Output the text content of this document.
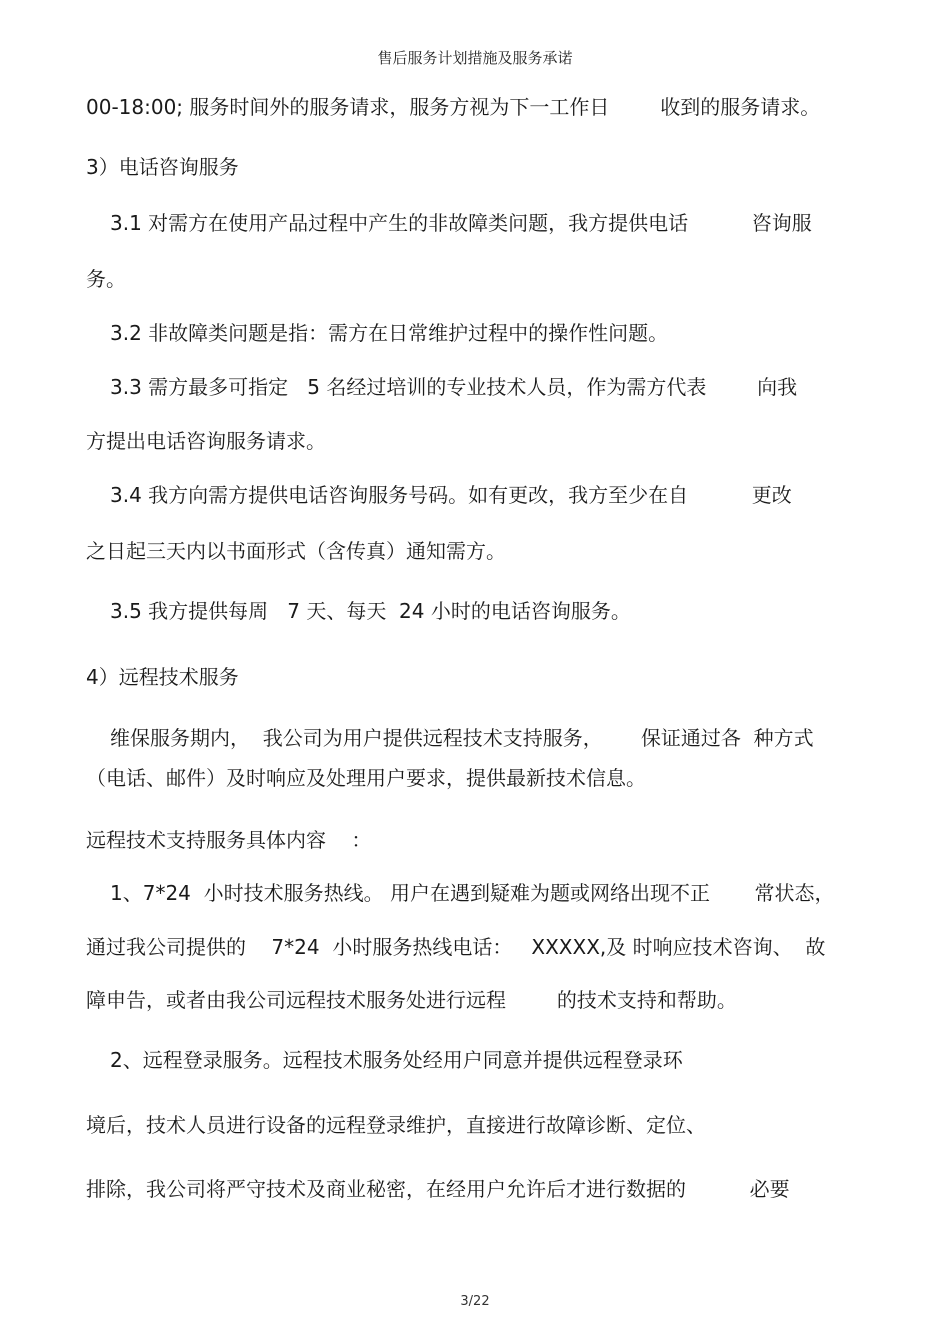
售后服务计划措施及服务承诺
00-18:00; 服务时间外的服务请求，服务方视为下一工作日        收到的服务请求。
3）电话咨询服务
3.1 对需方在使用产品过程中产生的非故障类问题，我方提供电话          咨询服
务。
3.2 非故障类问题是指：需方在日常维护过程中的操作性问题。
3.3 需方最多可指定   5 名经过培训的专业技术人员，作为需方代表        向我
方提出电话咨询服务请求。
3.4 我方向需方提供电话咨询服务号码。如有更改，我方至少在自          更改
之日起三天内以书面形式（含传真）通知需方。
3.5 我方提供每周   7 天、每天  24 小时的电话咨询服务。
4）远程技术服务
维保服务期内，  我公司为用户提供远程技术支持服务，      保证通过各  种方式
（电话、邮件）及时响应及处理用户要求，提供最新技术信息。
远程技术支持服务具体内容    ：
1、7*24  小时技术服务热线。 用户在遇到疑难为题或网络出现不正       常状态，
通过我公司提供的    7*24  小时服务热线电话：   XXXXX,及 时响应技术咨询、  故
障申告，或者由我公司远程技术服务处进行远程        的技术支持和帮助。
2、远程登录服务。远程技术服务处经用户同意并提供远程登录环
境后，技术人员进行设备的远程登录维护，直接进行故障诊断、定位、
排除，我公司将严守技术及商业秘密，在经用户允许后才进行数据的          必要
3/22
